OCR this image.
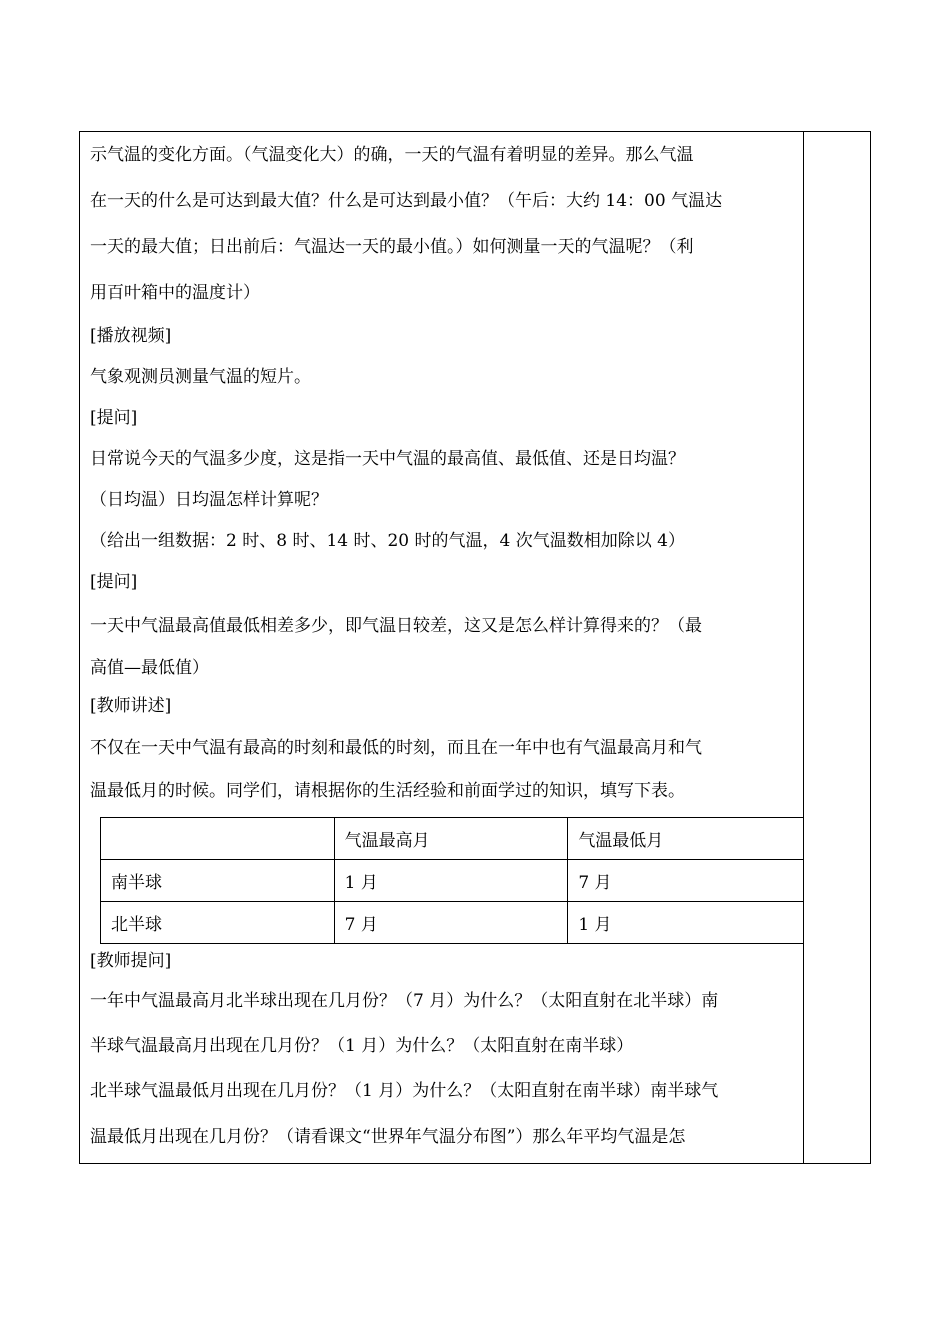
示气温的变化方面。（气温变化大）的确，一天的气温有着明显的差异。那么气温
在一天的什么是可达到最大值？什么是可达到最小值？（午后：大约 14：00 气温达
一天的最大值；日出前后：气温达一天的最小值。）如何测量一天的气温呢？（利
用百叶箱中的温度计）
[播放视频]
气象观测员测量气温的短片。
[提问]
日常说今天的气温多少度，这是指一天中气温的最高值、最低值、还是日均温？
（日均温）日均温怎样计算呢？
（给出一组数据：2 时、8 时、14 时、20 时的气温，4 次气温数相加除以 4）
[提问]
一天中气温最高值最低相差多少，即气温日较差，这又是怎么样计算得来的？（最
高值—最低值）
[教师讲述]
不仅在一天中气温有最高的时刻和最低的时刻，而且在一年中也有气温最高月和气
温最低月的时候。同学们，请根据你的生活经验和前面学过的知识，填写下表。
	气温最高月	气温最低月
南半球	1 月	7 月
北半球	7 月	1 月
[教师提问]
一年中气温最高月北半球出现在几月份？（7 月）为什么？（太阳直射在北半球）南
半球气温最高月出现在几月份？（1 月）为什么？（太阳直射在南半球）
北半球气温最低月出现在几月份？（1 月）为什么？（太阳直射在南半球）南半球气
温最低月出现在几月份？（请看课文“世界年气温分布图”）那么年平均气温是怎
